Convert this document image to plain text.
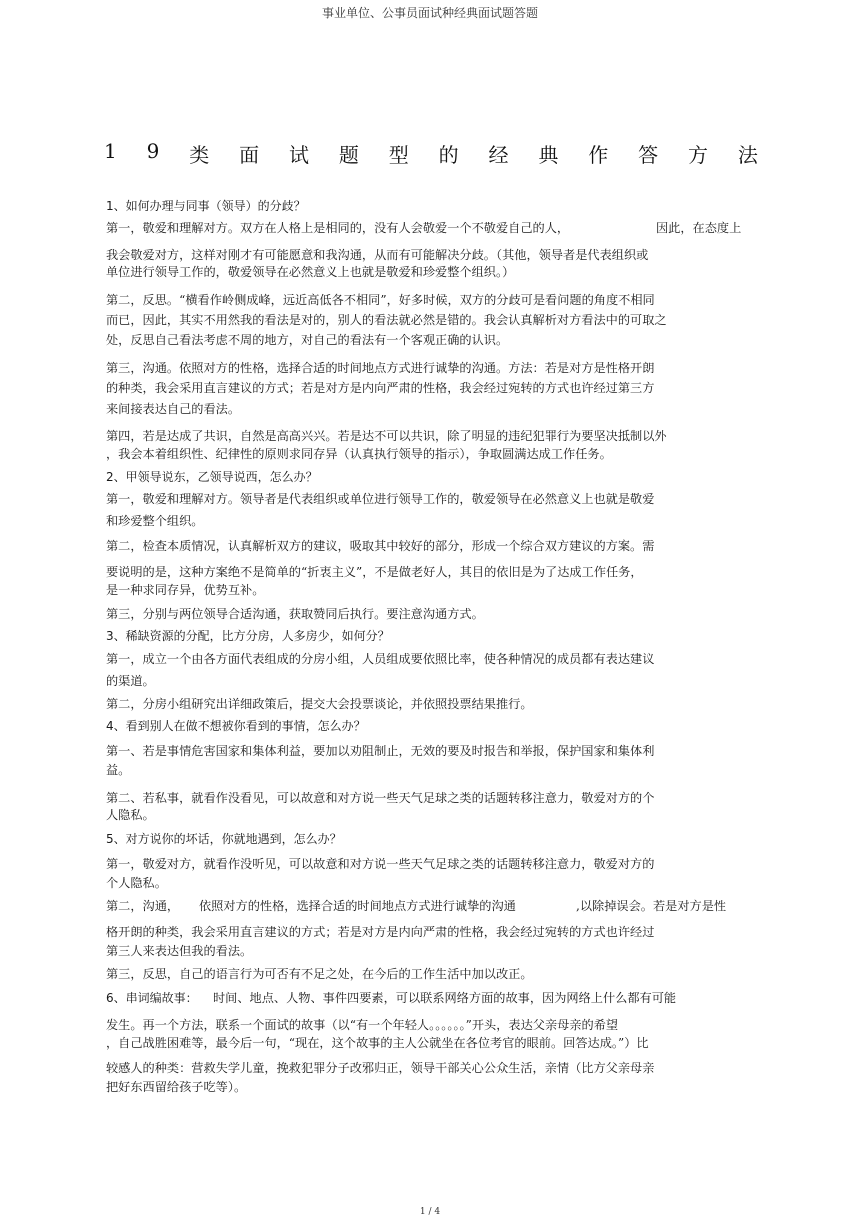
事业单位、公事员面试种经典面试题答题
1 9 类 面 试 题 型 的 经 典 作 答 方 法
1、如何办理与同事（领导）的分歧？
第一，敬爱和理解对方。双方在人格上是相同的，没有人会敬爱一个不敬爱自己的人，	因此，在态度上
我会敬爱对方，这样对刚才有可能愿意和我沟通，从而有可能解决分歧。（其他，领导者是代表组织或
单位进行领导工作的，敬爱领导在必然意义上也就是敬爱和珍爱整个组织。）
第二，反思。“横看作岭侧成峰，远近高低各不相同”，好多时候，双方的分歧可是看问题的角度不相同
而已，因此，其实不用然我的看法是对的，别人的看法就必然是错的。我会认真解析对方看法中的可取之
处，反思自己看法考虑不周的地方，对自己的看法有一个客观正确的认识。
第三，沟通。依照对方的性格，选择合适的时间地点方式进行诚挚的沟通。方法：若是对方是性格开朗
的种类，我会采用直言建议的方式；若是对方是内向严肃的性格，我会经过宛转的方式也许经过第三方
来间接表达自己的看法。
第四，若是达成了共识，自然是高高兴兴。若是达不可以共识，除了明显的违纪犯罪行为要坚决抵制以外
，我会本着组织性、纪律性的原则求同存异（认真执行领导的指示），争取圆满达成工作任务。
2、甲领导说东，乙领导说西，怎么办？
第一，敬爱和理解对方。领导者是代表组织或单位进行领导工作的，敬爱领导在必然意义上也就是敬爱
和珍爱整个组织。
第二，检查本质情况，认真解析双方的建议，吸取其中较好的部分，形成一个综合双方建议的方案。需
要说明的是，这种方案绝不是简单的“折衷主义”，不是做老好人，其目的依旧是为了达成工作任务，
是一种求同存异，优势互补。
第三，分别与两位领导合适沟通，获取赞同后执行。要注意沟通方式。
3、稀缺资源的分配，比方分房，人多房少，如何分？
第一，成立一个由各方面代表组成的分房小组，人员组成要依照比率，使各种情况的成员都有表达建议
的渠道。
第二，分房小组研究出详细政策后，提交大会投票谈论，并依照投票结果推行。
4、看到别人在做不想被你看到的事情，怎么办？
第一、若是事情危害国家和集体利益，要加以劝阻制止，无效的要及时报告和举报，保护国家和集体利
益。
第二、若私事，就看作没看见，可以故意和对方说一些天气足球之类的话题转移注意力，敬爱对方的个
人隐私。
5、对方说你的坏话，你就地遇到，怎么办？
第一，敬爱对方，就看作没听见，可以故意和对方说一些天气足球之类的话题转移注意力，敬爱对方的
个人隐私。
第二，沟通， 依照对方的性格，选择合适的时间地点方式进行诚挚的沟通	,以除掉误会。若是对方是性
格开朗的种类，我会采用直言建议的方式；若是对方是内向严肃的性格，我会经过宛转的方式也许经过
第三人来表达但我的看法。
第三，反思，自己的语言行为可否有不足之处，在今后的工作生活中加以改正。
6、串词编故事： 时间、地点、人物、事件四要素，可以联系网络方面的故事，因为网络上什么都有可能
发生。再一个方法，联系一个面试的故事（以“有一个年轻人。。。。。。”开头，表达父亲母亲的希望
，自己战胜困难等，最今后一句，“现在，这个故事的主人公就坐在各位考官的眼前。回答达成。”）比
较感人的种类：营救失学儿童，挽救犯罪分子改邪归正，领导干部关心公众生活，亲情（比方父亲母亲
把好东西留给孩子吃等）。
1 / 4
